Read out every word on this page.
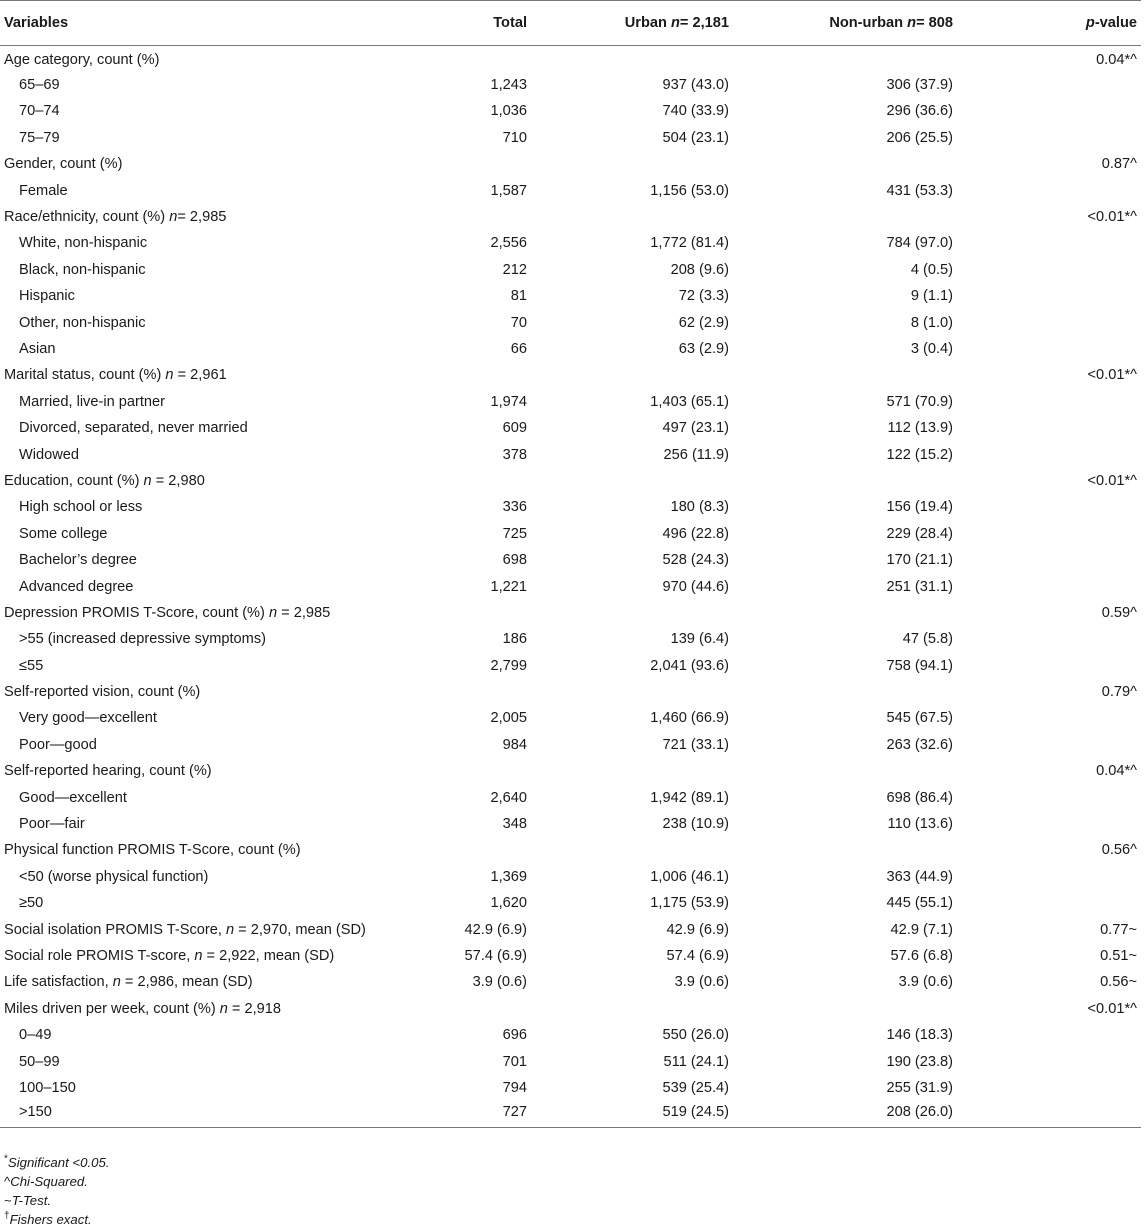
Variables	Total	Urban n= 2,181	Non-urban n= 808	p-value
Age category, count (%)				0.04*^
65–69	1,243	937 (43.0)	306 (37.9)	
70–74	1,036	740 (33.9)	296 (36.6)	
75–79	710	504 (23.1)	206 (25.5)	
Gender, count (%)				0.87^
Female	1,587	1,156 (53.0)	431 (53.3)	
Race/ethnicity, count (%) n= 2,985				<0.01*^
White, non-hispanic	2,556	1,772 (81.4)	784 (97.0)	
Black, non-hispanic	212	208 (9.6)	4 (0.5)	
Hispanic	81	72 (3.3)	9 (1.1)	
Other, non-hispanic	70	62 (2.9)	8 (1.0)	
Asian	66	63 (2.9)	3 (0.4)	
Marital status, count (%) n = 2,961				<0.01*^
Married, live-in partner	1,974	1,403 (65.1)	571 (70.9)	
Divorced, separated, never married	609	497 (23.1)	112 (13.9)	
Widowed	378	256 (11.9)	122 (15.2)	
Education, count (%) n = 2,980				<0.01*^
High school or less	336	180 (8.3)	156 (19.4)	
Some college	725	496 (22.8)	229 (28.4)	
Bachelor’s degree	698	528 (24.3)	170 (21.1)	
Advanced degree	1,221	970 (44.6)	251 (31.1)	
Depression PROMIS T-Score, count (%) n = 2,985				0.59^
>55 (increased depressive symptoms)	186	139 (6.4)	47 (5.8)	
≤55	2,799	2,041 (93.6)	758 (94.1)	
Self-reported vision, count (%)				0.79^
Very good—excellent	2,005	1,460 (66.9)	545 (67.5)	
Poor—good	984	721 (33.1)	263 (32.6)	
Self-reported hearing, count (%)				0.04*^
Good—excellent	2,640	1,942 (89.1)	698 (86.4)	
Poor—fair	348	238 (10.9)	110 (13.6)	
Physical function PROMIS T-Score, count (%)				0.56^
<50 (worse physical function)	1,369	1,006 (46.1)	363 (44.9)	
≥50	1,620	1,175 (53.9)	445 (55.1)	
Social isolation PROMIS T-Score, n = 2,970, mean (SD)	42.9 (6.9)	42.9 (6.9)	42.9 (7.1)	0.77~
Social role PROMIS T-score, n = 2,922, mean (SD)	57.4 (6.9)	57.4 (6.9)	57.6 (6.8)	0.51~
Life satisfaction, n = 2,986, mean (SD)	3.9 (0.6)	3.9 (0.6)	3.9 (0.6)	0.56~
Miles driven per week, count (%) n = 2,918				<0.01*^
0–49	696	550 (26.0)	146 (18.3)	
50–99	701	511 (24.1)	190 (23.8)	
100–150	794	539 (25.4)	255 (31.9)	
>150	727	519 (24.5)	208 (26.0)	
*Significant <0.05.
^Chi-Squared.
~T-Test.
†Fishers exact.
